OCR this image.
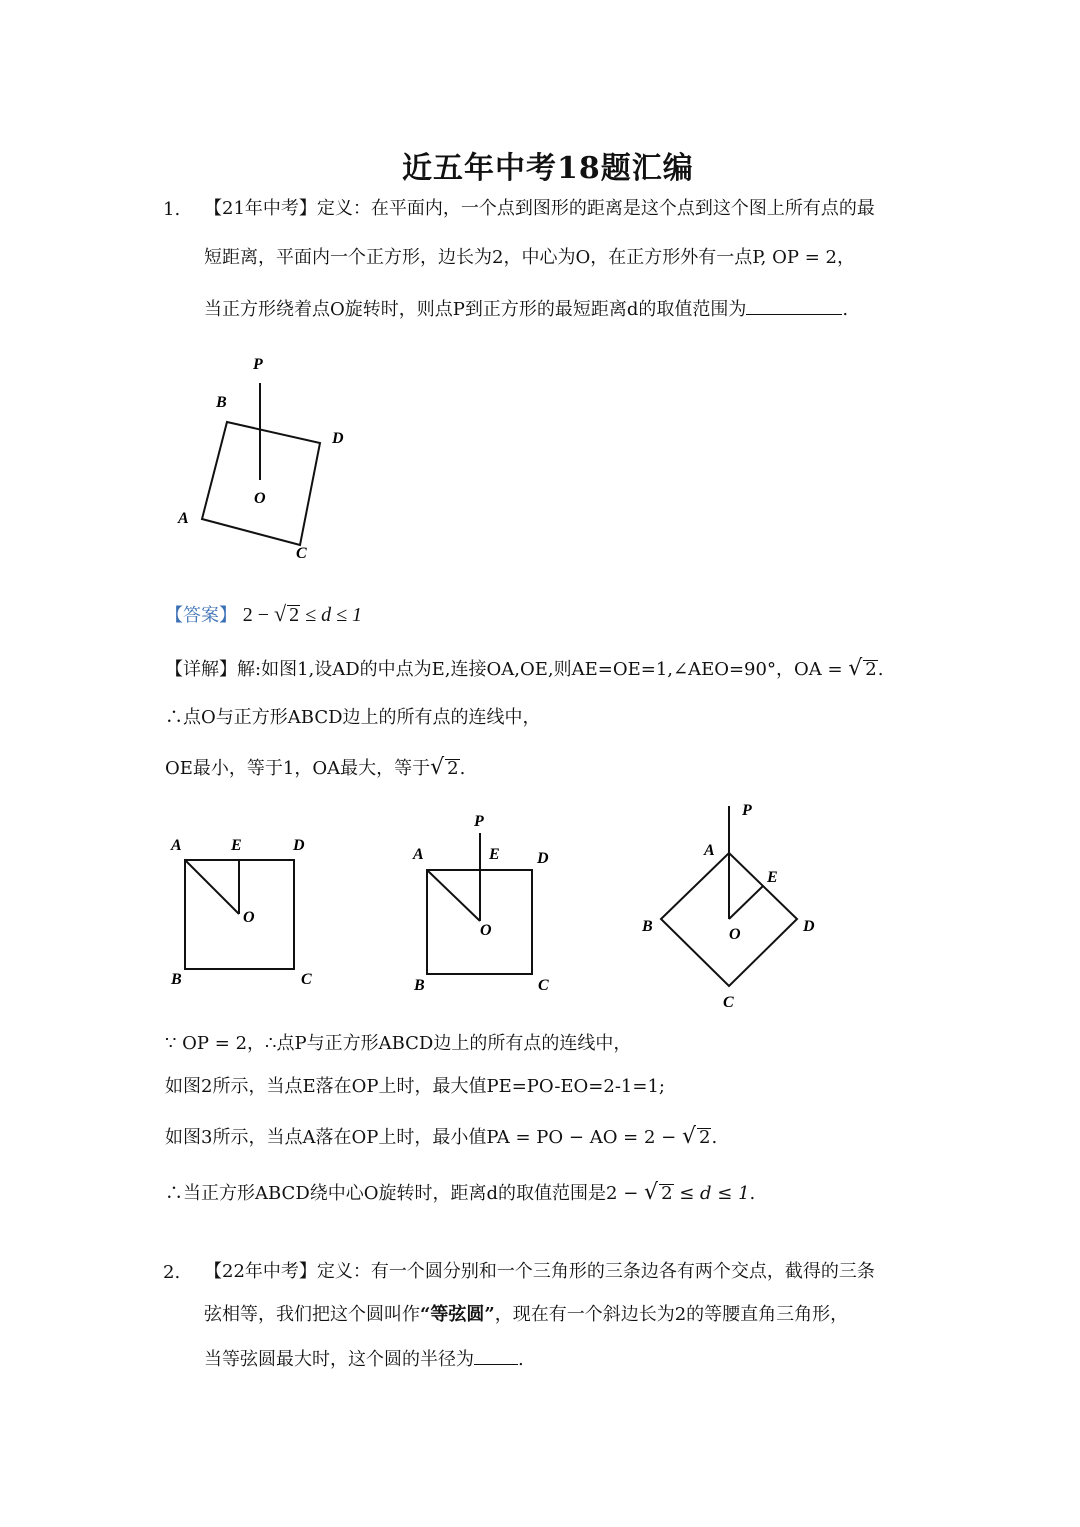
近五年中考18题汇编
1. 【21年中考】定义：在平面内，一个点到图形的距离是这个点到这个图上所有点的最
短距离，平面内一个正方形，边长为2，中心为O，在正方形外有一点P, OP = 2，
当正方形绕着点O旋转时，则点P到正方形的最短距离d的取值范围为	.
P
B
D
O
A
C
【答案】 2 − √ 2 ≤ d ≤ 1
【详解】解:如图1,设AD的中点为E,连接OA,OE,则AE=OE=1,∠AEO=90°，OA = √ 2.
∴点O与正方形ABCD边上的所有点的连线中，
OE最小，等于1，OA最大，等于√ 2.
A	E	D
O
B	C
P
A	E D
O
B	C
P
A
E
B	O	D
C
∵ OP = 2，∴点P与正方形ABCD边上的所有点的连线中，
如图2所示，当点E落在OP上时，最大值PE=PO-EO=2-1=1;
如图3所示，当点A落在OP上时，最小值PA = PO − AO = 2 − √ 2.
∴当正方形ABCD绕中心O旋转时，距离d的取值范围是2 − √ 2 ≤ d ≤ 1.
2. 【22年中考】定义：有一个圆分别和一个三角形的三条边各有两个交点，截得的三条
弦相等，我们把这个圆叫作“等弦圆”，现在有一个斜边长为2的等腰直角三角形，
当等弦圆最大时，这个圆的半径为 .
